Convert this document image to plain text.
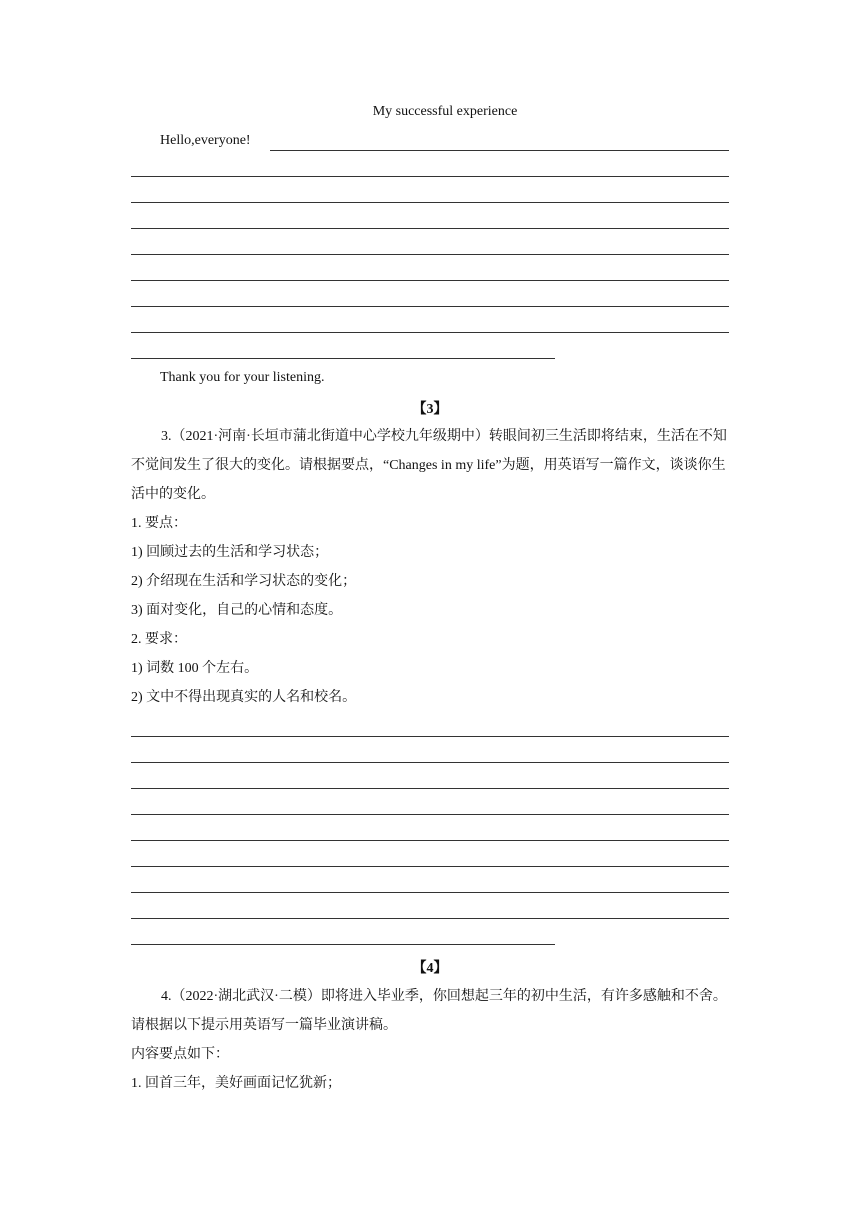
My successful experience
Hello,everyone!
Thank you for your listening.
【3】
3.（2021·河南·长垣市蒲北街道中心学校九年级期中）转眼间初三生活即将结束，生活在不知不觉间发生了很大的变化。请根据要点，“Changes in my life”为题，用英语写一篇作文，谈谈你生活中的变化。
1. 要点：
1) 回顾过去的生活和学习状态；
2) 介绍现在生活和学习状态的变化；
3) 面对变化，自己的心情和态度。
2. 要求：
1) 词数 100 个左右。
2) 文中不得出现真实的人名和校名。
【4】
4.（2022·湖北武汉·二模）即将进入毕业季，你回想起三年的初中生活，有许多感触和不舍。请根据以下提示用英语写一篇毕业演讲稿。
内容要点如下：
1. 回首三年，美好画面记忆犹新；
